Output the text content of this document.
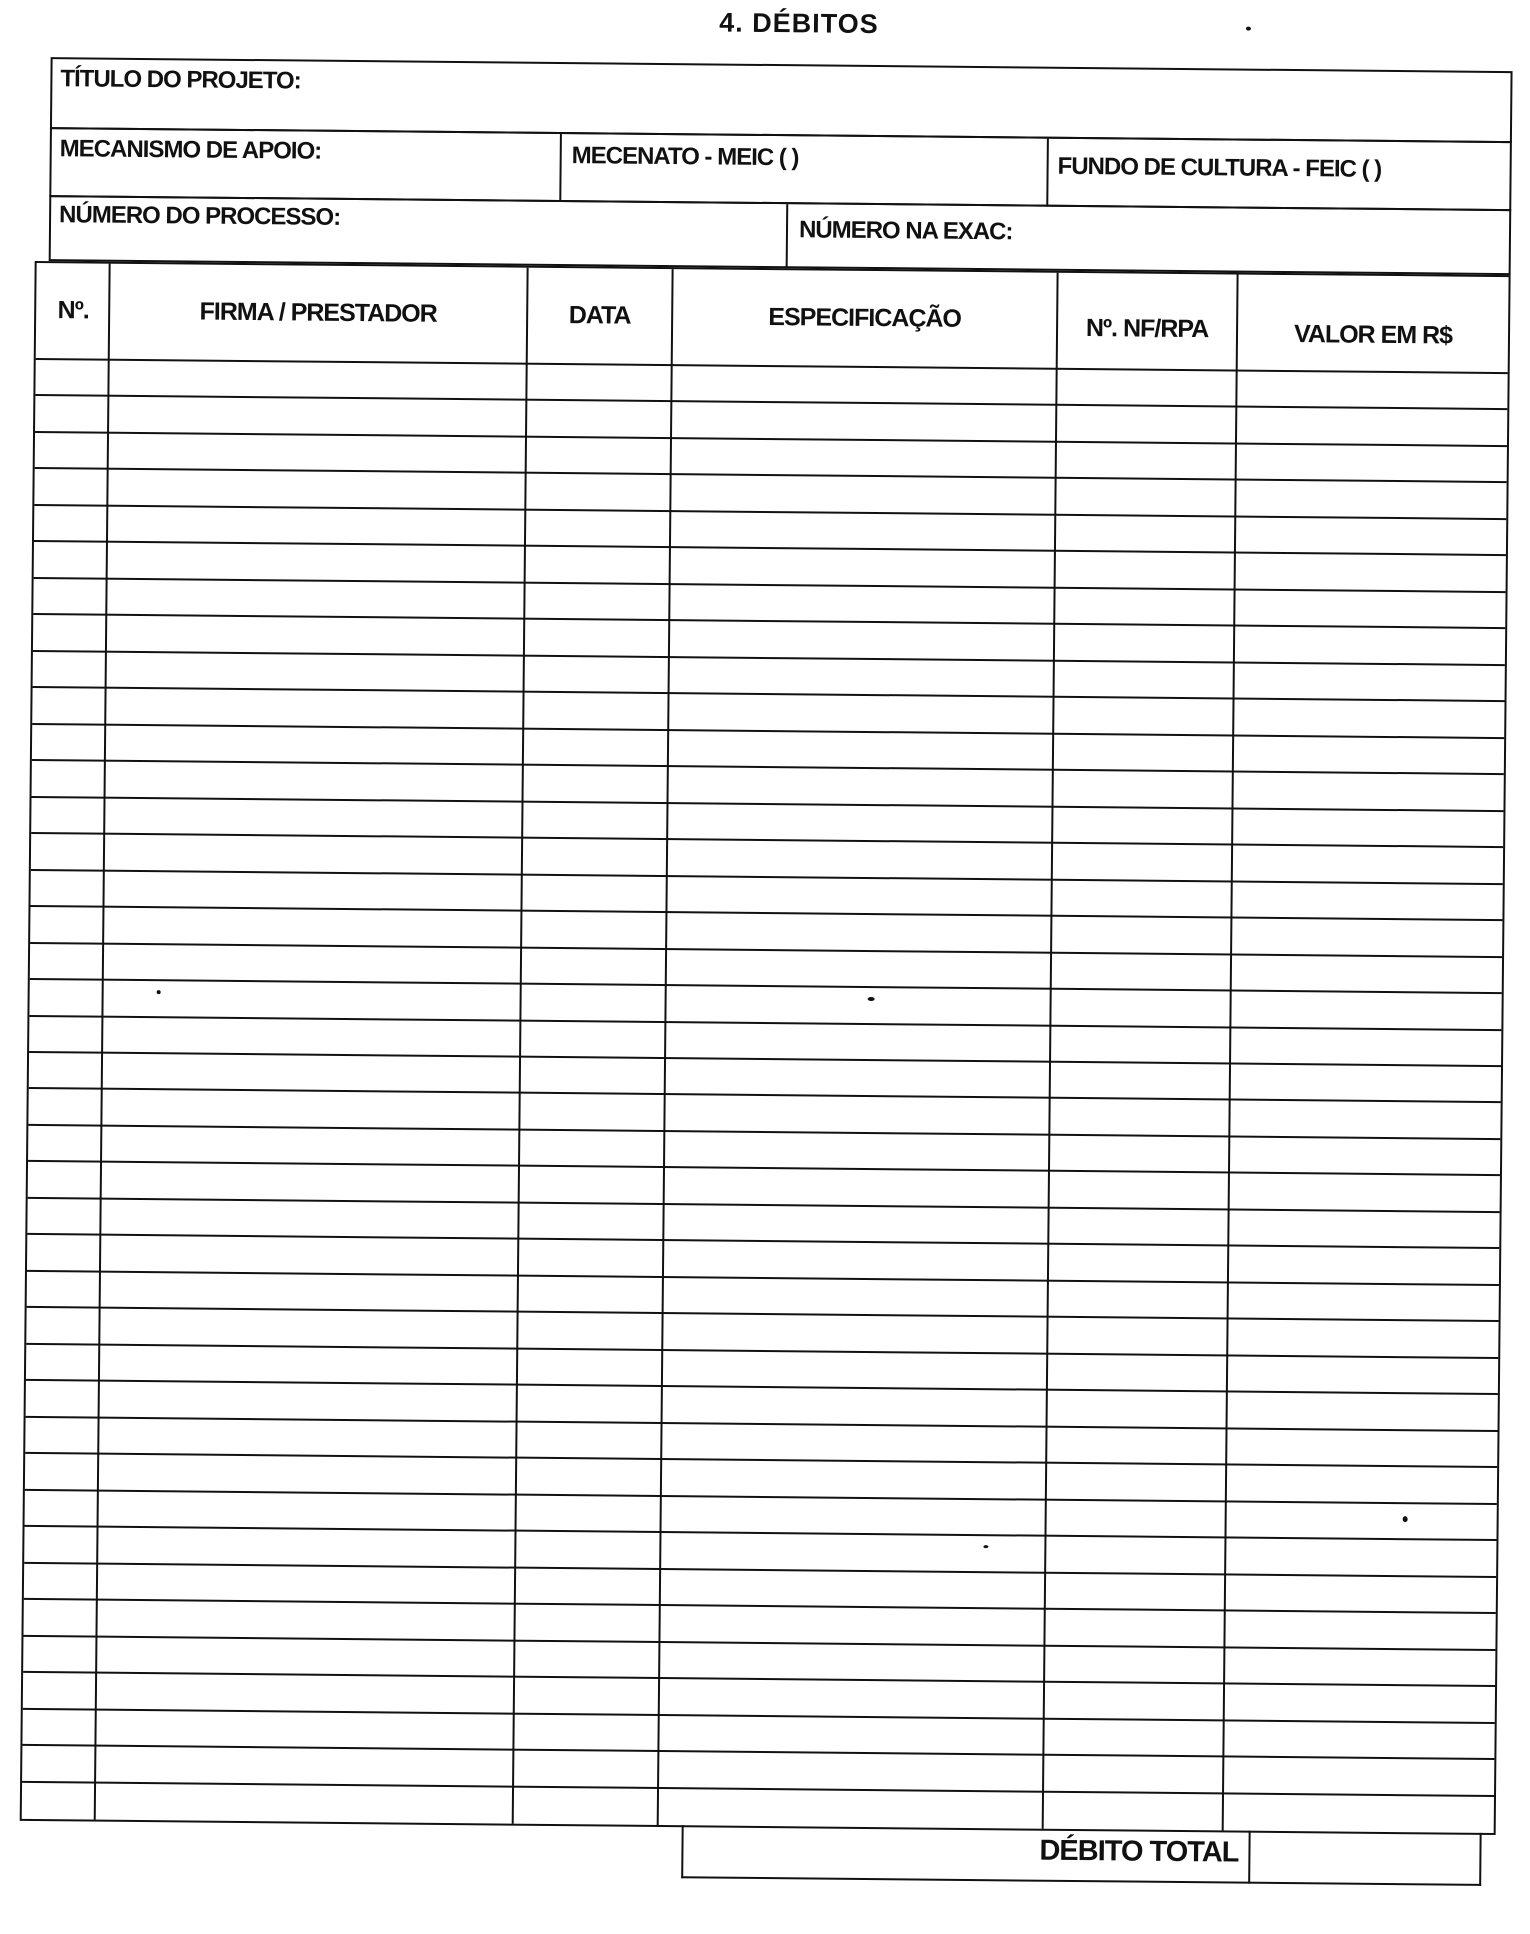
4. DÉBITOS
TÍTULO DO PROJETO:
MECANISMO DE APOIO:	MECENATO - MEIC ( )	FUNDO DE CULTURA - FEIC ( )
NÚMERO DO PROCESSO:	NÚMERO NA EXAC:
Nº.	FIRMA / PRESTADOR	DATA	ESPECIFICAÇÃO	Nº. NF/RPA	VALOR EM R$
DÉBITO TOTAL
